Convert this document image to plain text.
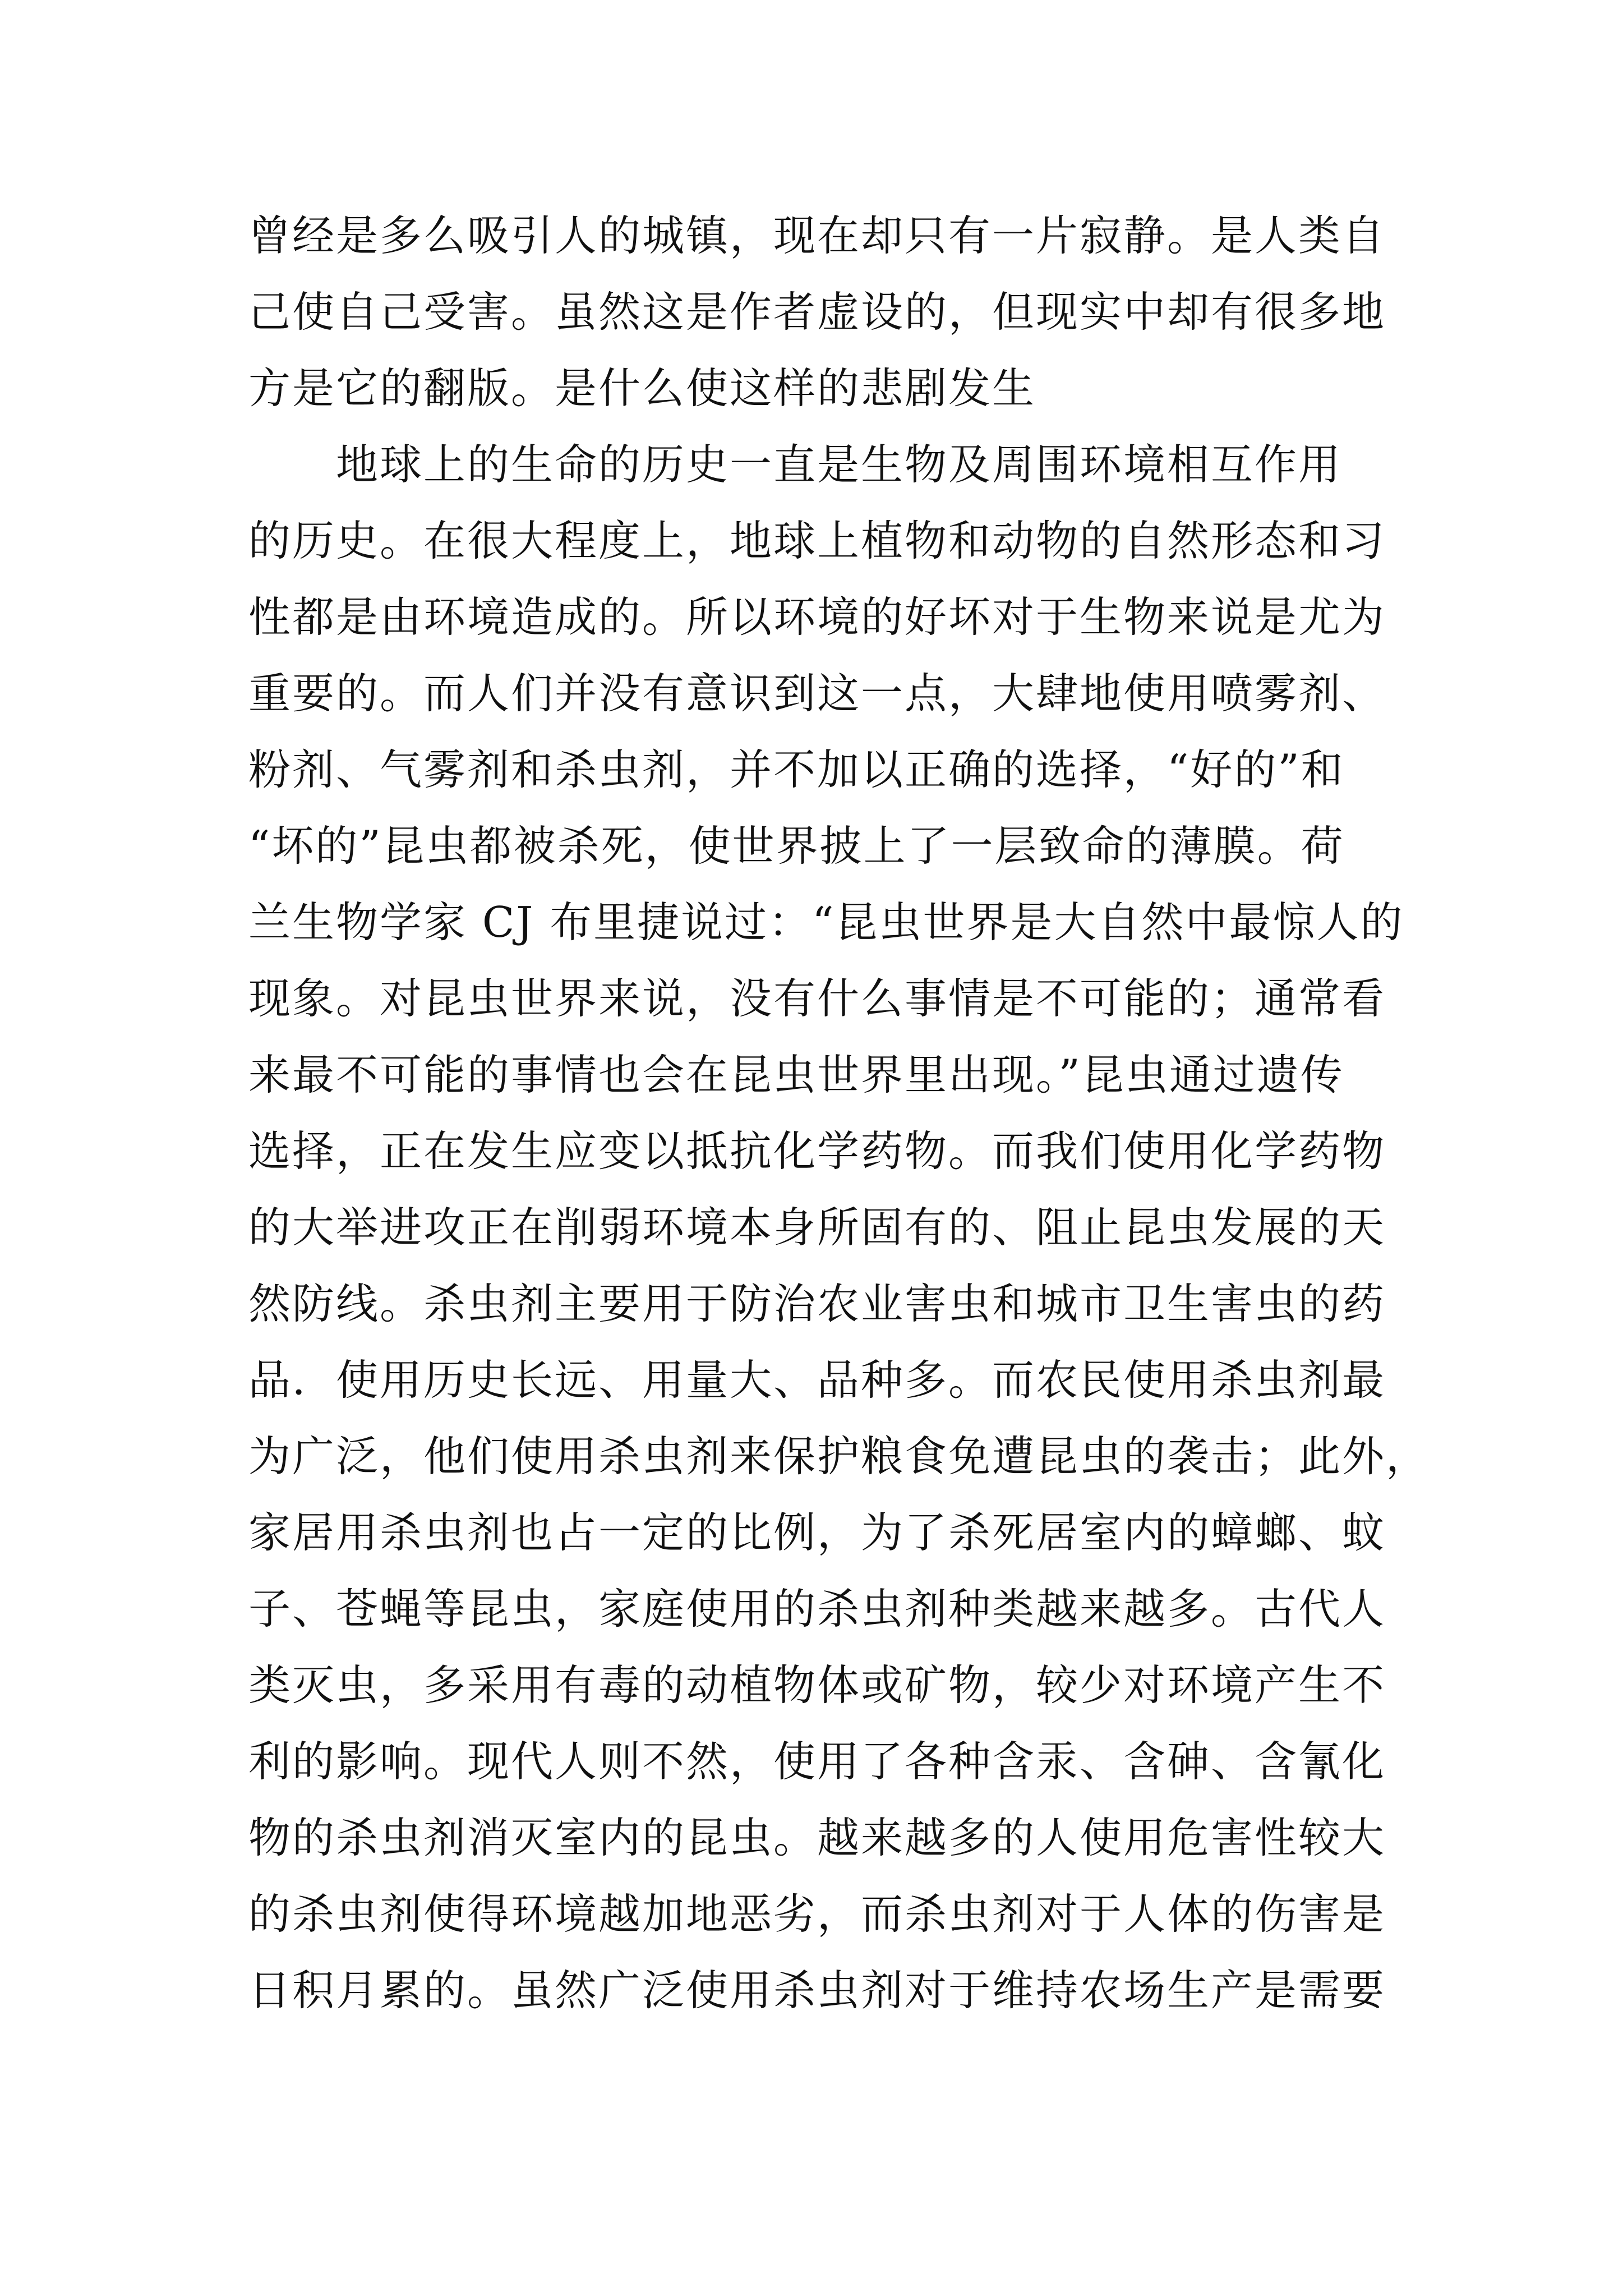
曾经是多么吸引人的城镇，现在却只有一片寂静。是人类自
己使自己受害。虽然这是作者虚设的，但现实中却有很多地
方是它的翻版。是什么使这样的悲剧发生
　　地球上的生命的历史一直是生物及周围环境相互作用
的历史。在很大程度上，地球上植物和动物的自然形态和习
性都是由环境造成的。所以环境的好坏对于生物来说是尤为
重要的。而人们并没有意识到这一点，大肆地使用喷雾剂、
粉剂、气雾剂和杀虫剂，并不加以正确的选择，“好的”和
“坏的”昆虫都被杀死，使世界披上了一层致命的薄膜。荷
兰生物学家 CJ 布里捷说过：“昆虫世界是大自然中最惊人的
现象。对昆虫世界来说，没有什么事情是不可能的；通常看
来最不可能的事情也会在昆虫世界里出现。”昆虫通过遗传
选择，正在发生应变以抵抗化学药物。而我们使用化学药物
的大举进攻正在削弱环境本身所固有的、阻止昆虫发展的天
然防线。杀虫剂主要用于防治农业害虫和城市卫生害虫的药
品．使用历史长远、用量大、品种多。而农民使用杀虫剂最
为广泛，他们使用杀虫剂来保护粮食免遭昆虫的袭击；此外，
家居用杀虫剂也占一定的比例，为了杀死居室内的蟑螂、蚊
子、苍蝇等昆虫，家庭使用的杀虫剂种类越来越多。古代人
类灭虫，多采用有毒的动植物体或矿物，较少对环境产生不
利的影响。现代人则不然，使用了各种含汞、含砷、含氰化
物的杀虫剂消灭室内的昆虫。越来越多的人使用危害性较大
的杀虫剂使得环境越加地恶劣，而杀虫剂对于人体的伤害是
日积月累的。虽然广泛使用杀虫剂对于维持农场生产是需要
